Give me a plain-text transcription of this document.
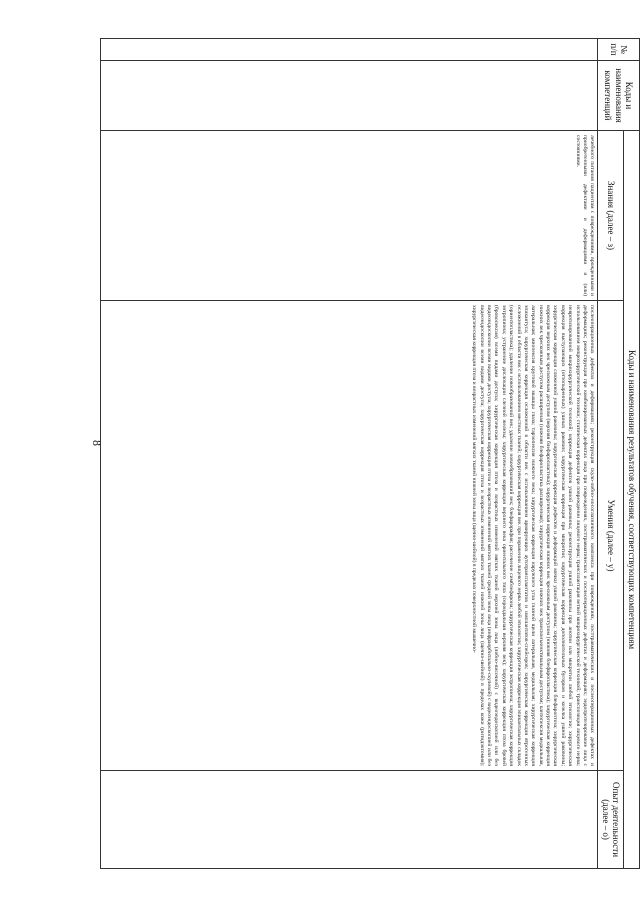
8
№ п/п	Коды и наименования компетенций	Коды и наименования результатов обучения, соответствующих компетенциям		
		Знания (далее – з)	Умения (далее – у)	Опыт деятельности (далее – о)
		лечебного питания пациентам с повреждениями, врожденными и приобретенными дефектами и деформациями и (или) состояниями.	послеоперационных дефектах и деформациях; реконструкция скуло-лобно-носоглазничного комплекса при повреждениях, посттравматических и послеоперационных дефектах и деформациях; реконструкция при комбинированных дефектах лица при повреждениях, посттравматических и послеоперационных дефектах и деформациях; эндопротезирование лица с использованием микрохирургической техники; статическая коррекция при повреждении лицевого нерва; трансплантация ветвей микрохирургической техникой; транспозиция лицевого нерва; невротизированной микрохирургической техникой; коррекция дефектов ушной раковины; реконструкция ушной раковины при анотии или микротии любой этиологии; хирургическая коррекция выступающих (оттопыренных) ушных раковин; хирургическая коррекция при микротии; хирургическая коррекция дополнительных бугорков и козелка ушной раковины; хирургическая коррекция сложенной ушной раковины; хирургическая коррекция дефектов и деформаций мочки ушной раковины; хирургическая коррекция блефароптоза; хирургическая коррекция верхних век чрескожным доступом (верхняя блефаропластика); хирургическая коррекция нижних век чрескожным доступом (нижняя блефаропластика); хирургическая коррекция нижних век чрескожным доступом расширенная (нижняя блефаропластика расширенная); хирургическая коррекция нижних век трансконъюнктивальным доступом; кантопексия медиальная, латеральная; миопексия круговой мышцы глаза; тарзопексия нижнего века; хирургическая коррекция наружного угла глазной щели латеральная, медиальная; хирургическая коррекция эпикантуса; хирургическая коррекция осложнений в области век с использованием армирующих аутотрансплантатов и имплантатов-спейсеров; хирургическая коррекция ятрогенных осложнений в области век с использованием местных тканей; хирургическая коррекция век при поражении лицевого нерва любой этиологии; хирургическая коррекция эпикантальных складок (ориентопластика); удаление новообразований век; удаление новообразований век; блефарорафия; рассечение симблефарона; хирургическая коррекция эктропиона; хирургическая коррекция энтропиона; устранение дислокации слезной железы; хирургическая коррекция верхнего века ориентального типа (сероидальная верхняя век); хирургическая коррекция птоза бровей (бровопексия) всеми видами доступа; хирургическая коррекция птоза и возрастных изменений мягких тканей верхней зоны лица (лобно-височной) с видеоэндоскопией или без видеоэндоскопии всеми видами доступа; хирургическая коррекция птоза и возрастных изменений мягких тканей средней зоны лица (инфраорбитально-скуловой) с видеоэндоскопией или без видеоэндоскопии всеми видами доступа; хирургическая коррекция птоза и возрастных изменений мягких тканей нижней зоны лица (щечно-шейной) в пределах кожи (ритидэктомия); хирургическая коррекция птоза и возрастных изменений мягких тканей нижней зоны лица (щечно-шейной) в пределах поверхностной мышечно-	
